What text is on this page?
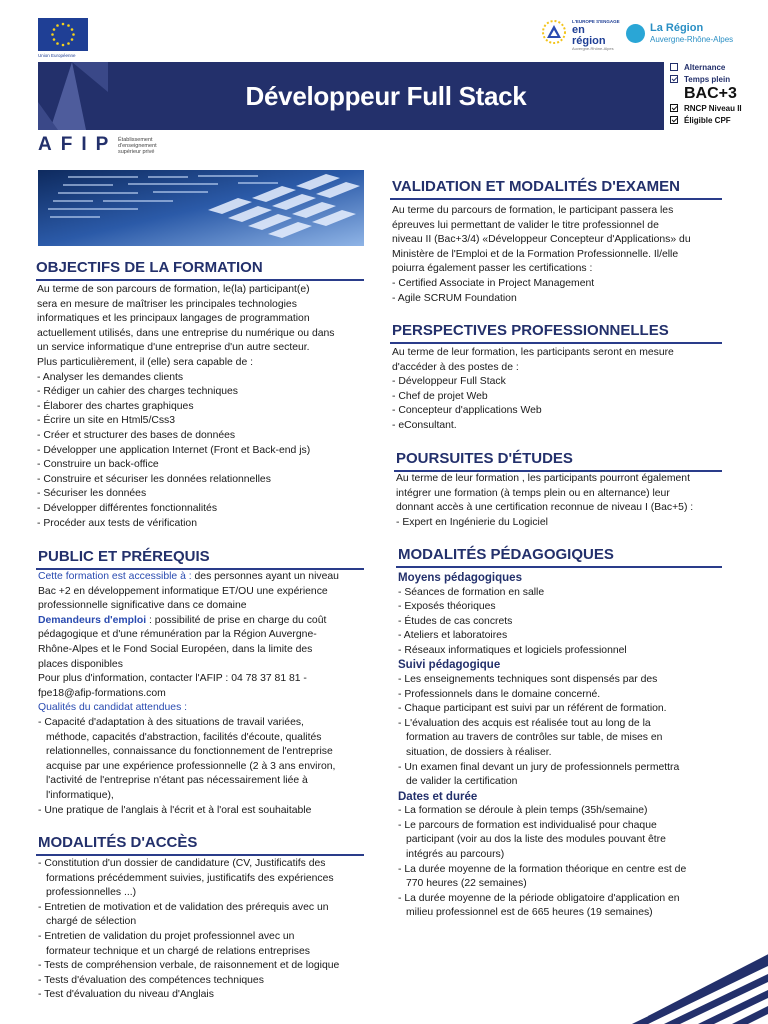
Union Européenne
L'EUROPE S'ENGAGE
en région
Auvergne-Rhône-Alpes
La Région
Auvergne-Rhône-Alpes
Développeur Full Stack
AFIP Établissement d'enseignement supérieur privé
Alternance
Temps plein
BAC+3
RNCP Niveau II
Éligible CPF
OBJECTIFS DE LA FORMATION

Au terme de son parcours de formation, le(la) participant(e)

sera en mesure de maîtriser les principales technologies

informatiques et les principaux langages de programmation

actuellement utilisés, dans une entreprise du numérique ou dans

un service informatique d'une entreprise d'un autre secteur.

Plus particulièrement, il (elle) sera capable de :

- Analyser les demandes clients

- Rédiger un cahier des charges techniques

- Élaborer des chartes graphiques

- Écrire un site en Html5/Css3

- Créer et structurer des bases de données

- Développer une application Internet (Front et Back-end js)

- Construire un back-office

- Construire et sécuriser les données relationnelles

- Sécuriser les données

- Développer différentes fonctionnalités

- Procéder aux tests de vérification

PUBLIC ET PRÉREQUIS

Cette formation est accessible à : des personnes ayant un niveau

Bac +2 en développement informatique ET/OU une expérience

professionnelle significative dans ce domaine

Demandeurs d'emploi : possibilité de prise en charge du coût

pédagogique et d'une rémunération par la Région Auvergne-

Rhône-Alpes et le Fond Social Européen, dans la limite des

places disponibles

Pour plus d'information, contacter l'AFIP : 04 78 37 81 81 -

fpe18@afip-formations.com

Qualités du candidat attendues :

- Capacité d'adaptation à des situations de travail variées,

méthode, capacités d'abstraction, facilités d'écoute, qualités

relationnelles, connaissance du fonctionnement de l'entreprise

acquise par une expérience professionnelle (2 à 3 ans environ,

l'activité de l'entreprise n'étant pas nécessairement liée à

l'informatique),

- Une pratique de l'anglais à l'écrit et à l'oral est souhaitable

MODALITÉS D'ACCÈS

- Constitution d'un dossier de candidature (CV, Justificatifs des

formations précédemment suivies, justificatifs des expériences

professionnelles ...)

- Entretien de motivation et de validation des prérequis avec un

chargé de sélection

- Entretien de validation du projet professionnel avec un

formateur technique et un chargé de relations entreprises

- Tests de compréhension verbale, de raisonnement et de logique

- Tests d'évaluation des compétences techniques

- Test d'évaluation du niveau d'Anglais

VALIDATION ET MODALITÉS D'EXAMEN

Au terme du parcours de formation, le participant passera les

épreuves lui permettant de valider le titre professionnel de

niveau II (Bac+3/4) «Développeur Concepteur d'Applications» du

Ministère de l'Emploi et de la Formation Professionnelle. Il/elle

poiurra également passer les certifications :

- Certified Associate in Project Management

- Agile SCRUM Foundation

PERSPECTIVES PROFESSIONNELLES

Au terme de leur formation, les participants seront en mesure

d'accéder à des postes de :

- Développeur Full Stack

- Chef de projet Web

- Concepteur d'applications Web

- eConsultant.

POURSUITES D'ÉTUDES

Au terme de leur formation , les participants pourront également

intégrer une formation (à temps plein ou en alternance) leur

donnant accès à une certification reconnue de niveau I (Bac+5) :

- Expert en Ingénierie du Logiciel

MODALITÉS PÉDAGOGIQUES

Moyens pédagogiques

- Séances de formation en salle

- Exposés théoriques

- Études de cas concrets

- Ateliers et laboratoires

- Réseaux informatiques et logiciels professionnel

Suivi pédagogique

- Les enseignements techniques sont dispensés par des

- Professionnels dans le domaine concerné.

- Chaque participant est suivi par un référent de formation.

- L'évaluation des acquis est réalisée tout au long de la

formation au travers de contrôles sur table, de mises en

situation, de dossiers à réaliser.

- Un examen final devant un jury de professionnels permettra

de valider la certification

Dates et durée

- La formation se déroule à plein temps (35h/semaine)

- Le parcours de formation est individualisé pour chaque

participant (voir au dos la liste des modules pouvant être

intégrés au parcours)

- La durée moyenne de la formation théorique en centre est de

770 heures (22 semaines)

- La durée moyenne de la période obligatoire d'application en

milieu professionnel est de 665 heures (19 semaines)
